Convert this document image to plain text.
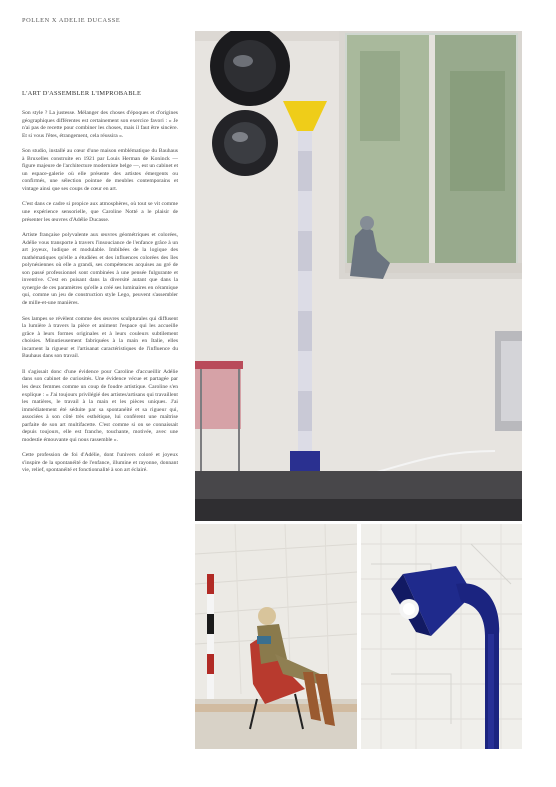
POLLEN X ADELIE DUCASSE
L'ART D'ASSEMBLER L'IMPROBABLE

Son style ? La justesse. Mélanger des choses d'époques et d'origines géographiques différentes est certainement son exercice favori : « Je n'ai pas de recette pour combiner les choses, mais il faut être sincère. Et si vous l'êtes, étrangement, cela réussira ».

Son studio, installé au cœur d'une maison emblématique du Bauhaus à Bruxelles construite en 1921 par Louis Herman de Koninck — figure majeure de l'architecture moderniste belge —, est un cabinet et un espace-galerie où elle présente des artistes émergents ou confirmés, une sélection pointue de meubles contemporains et vintage ainsi que ses coups de cœur en art.

C'est dans ce cadre si propice aux atmosphères, où tout se vit comme une expérience sensorielle, que Caroline Notté a le plaisir de présenter les œuvres d'Adélie Ducasse.

Artiste française polyvalente aux œuvres géométriques et colorées, Adélie vous transporte à travers l'insouciance de l'enfance grâce à un art joyeux, ludique et modulable. Imbibées de la logique des mathématiques qu'elle a étudiées et des influences colorées des îles polynésiennes où elle a grandi, ses compétences acquises au gré de son passé professionnel sont combinées à une pensée fulgurante et inventive. C'est en puisant dans la diversité autant que dans la synergie de ces paramètres qu'elle a créé ses luminaires en céramique qui, comme un jeu de construction style Lego, peuvent s'assembler de mille-et-une manières.

Ses lampes se révèlent comme des œuvres sculpturales qui diffusent la lumière à travers la pièce et animent l'espace qui les accueille grâce à leurs formes originales et à leurs couleurs subtilement choisies. Minutieusement fabriquées à la main en Italie, elles incarnent la rigueur et l'artisanat caractéristiques de l'influence du Bauhaus dans son travail.

Il s'agissait donc d'une évidence pour Caroline d'accueillir Adélie dans son cabinet de curiosités. Une évidence vécue et partagée par les deux femmes comme un coup de foudre artistique. Caroline s'en explique : « J'ai toujours privilégié des artistes/artisans qui travaillent les matières, le travail à la main et les pièces uniques. J'ai immédiatement été séduite par sa spontanéité et sa rigueur qui, associées à son côté très esthétique, lui confèrent une maîtrise parfaite de son art multifacette. C'est comme si on se connaissait depuis toujours, elle est franche, touchante, motivée, avec une modestie émouvante qui nous rassemble ».

Cette profession de foi d'Adélie, dont l'univers coloré et joyeux s'inspire de la spontanéité de l'enfance, illumine et rayonne, donnant vie, relief, spontanéité et fonctionnalité à son art éclairé.
